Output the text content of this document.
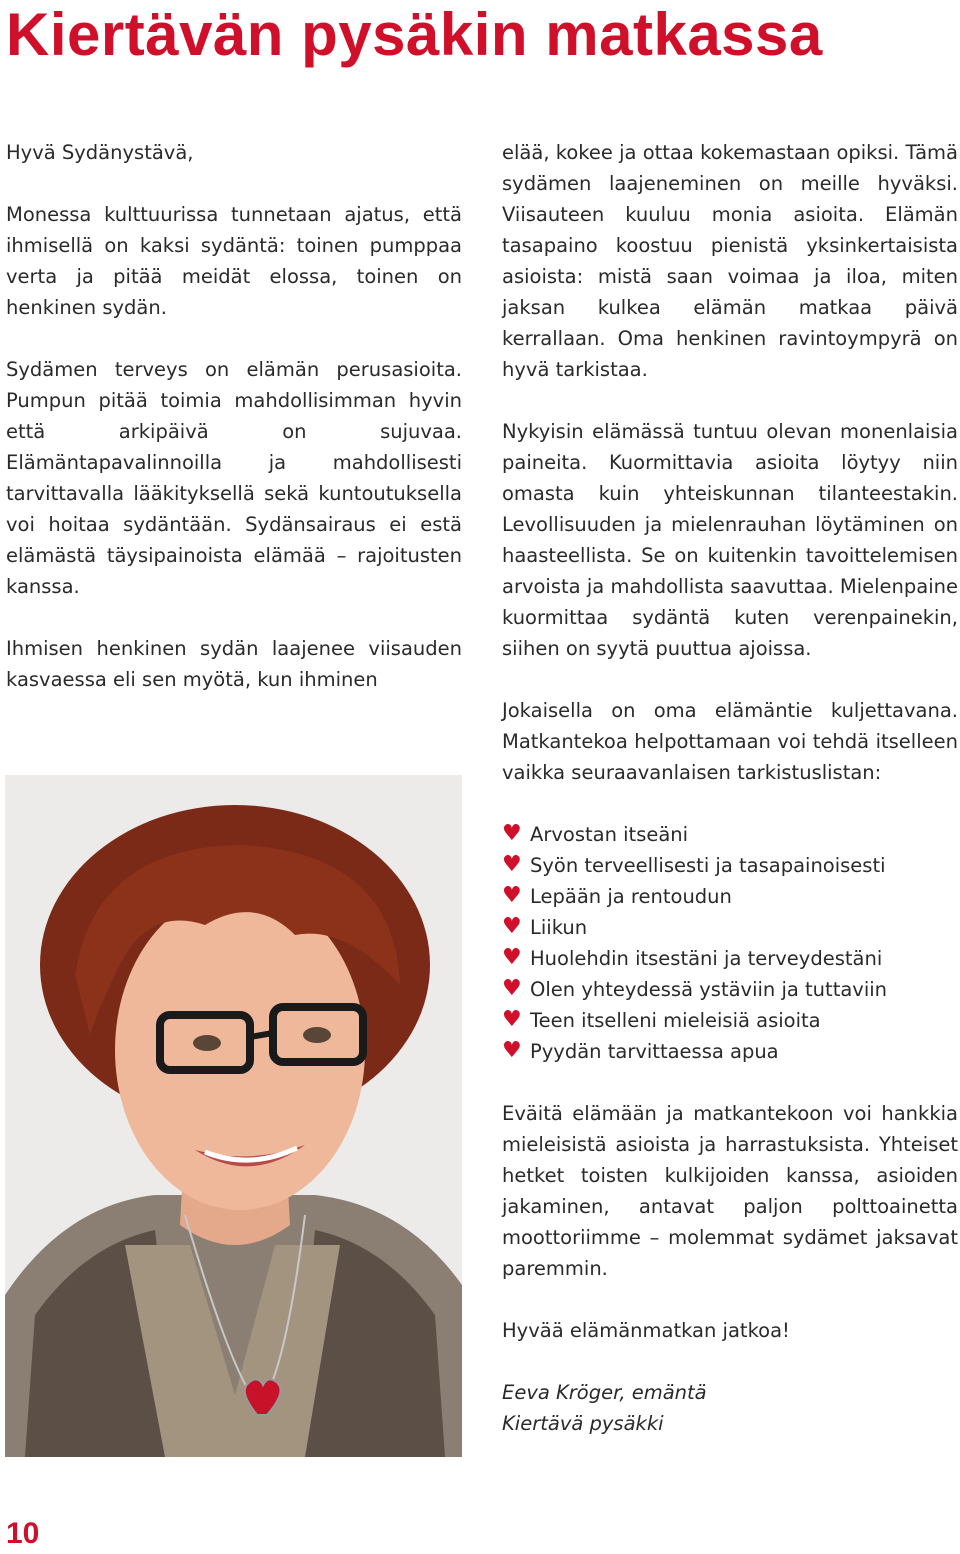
Kiertävän pysäkin matkassa

Hyvä Sydänystävä,

Monessa kulttuurissa tunnetaan ajatus, että ihmisellä on kaksi sydäntä: toinen pumppaa verta ja pitää meidät elossa, toinen on henkinen sydän.

Sydämen terveys on elämän perusasioita. Pumpun pitää toimia mahdollisimman hyvin että arkipäivä on sujuvaa. Elämäntapavalinnoilla ja mahdollisesti tarvittavalla lääkityksellä sekä kuntoutuksella voi hoitaa sydäntään. Sydänsairaus ei estä elämästä täysipainoista elämää – rajoitusten kanssa.

Ihmisen henkinen sydän laajenee viisauden kasvaessa eli sen myötä, kun ihminen

elää, kokee ja ottaa kokemastaan opiksi. Tämä sydämen laajeneminen on meille hyväksi. Viisauteen kuuluu monia asioita. Elämän tasapaino koostuu pienistä yksinkertaisista asioista: mistä saan voimaa ja iloa, miten jaksan kulkea elämän matkaa päivä kerrallaan. Oma henkinen ravintoympyrä on hyvä tarkistaa.

Nykyisin elämässä tuntuu olevan monenlaisia paineita. Kuormittavia asioita löytyy niin omasta kuin yhteiskunnan tilanteestakin. Levollisuuden ja mielenrauhan löytäminen on haasteellista. Se on kuitenkin tavoittelemisen arvoista ja mahdollista saavuttaa. Mielenpaine kuormittaa sydäntä kuten verenpainekin, siihen on syytä puuttua ajoissa.

Jokaisella on oma elämäntie kuljettavana. Matkantekoa helpottamaan voi tehdä itselleen vaikka seuraavanlaisen tarkistuslistan:

♥ Arvostan itseäni
♥ Syön terveellisesti ja tasapainoisesti
♥ Lepään ja rentoudun
♥ Liikun
♥ Huolehdin itsestäni ja terveydestäni
♥ Olen yhteydessä ystäviin ja tuttaviin
♥ Teen itselleni mieleisiä asioita
♥ Pyydän tarvittaessa apua

Eväitä elämään ja matkantekoon voi hankkia mieleisistä asioista ja harrastuksista. Yhteiset hetket toisten kulkijoiden kanssa, asioiden jakaminen, antavat paljon polttoainetta moottoriimme – molemmat sydämet jaksavat paremmin.

Hyvää elämänmatkan jatkoa!

Eeva Kröger, emäntä
Kiertävä pysäkki

10
